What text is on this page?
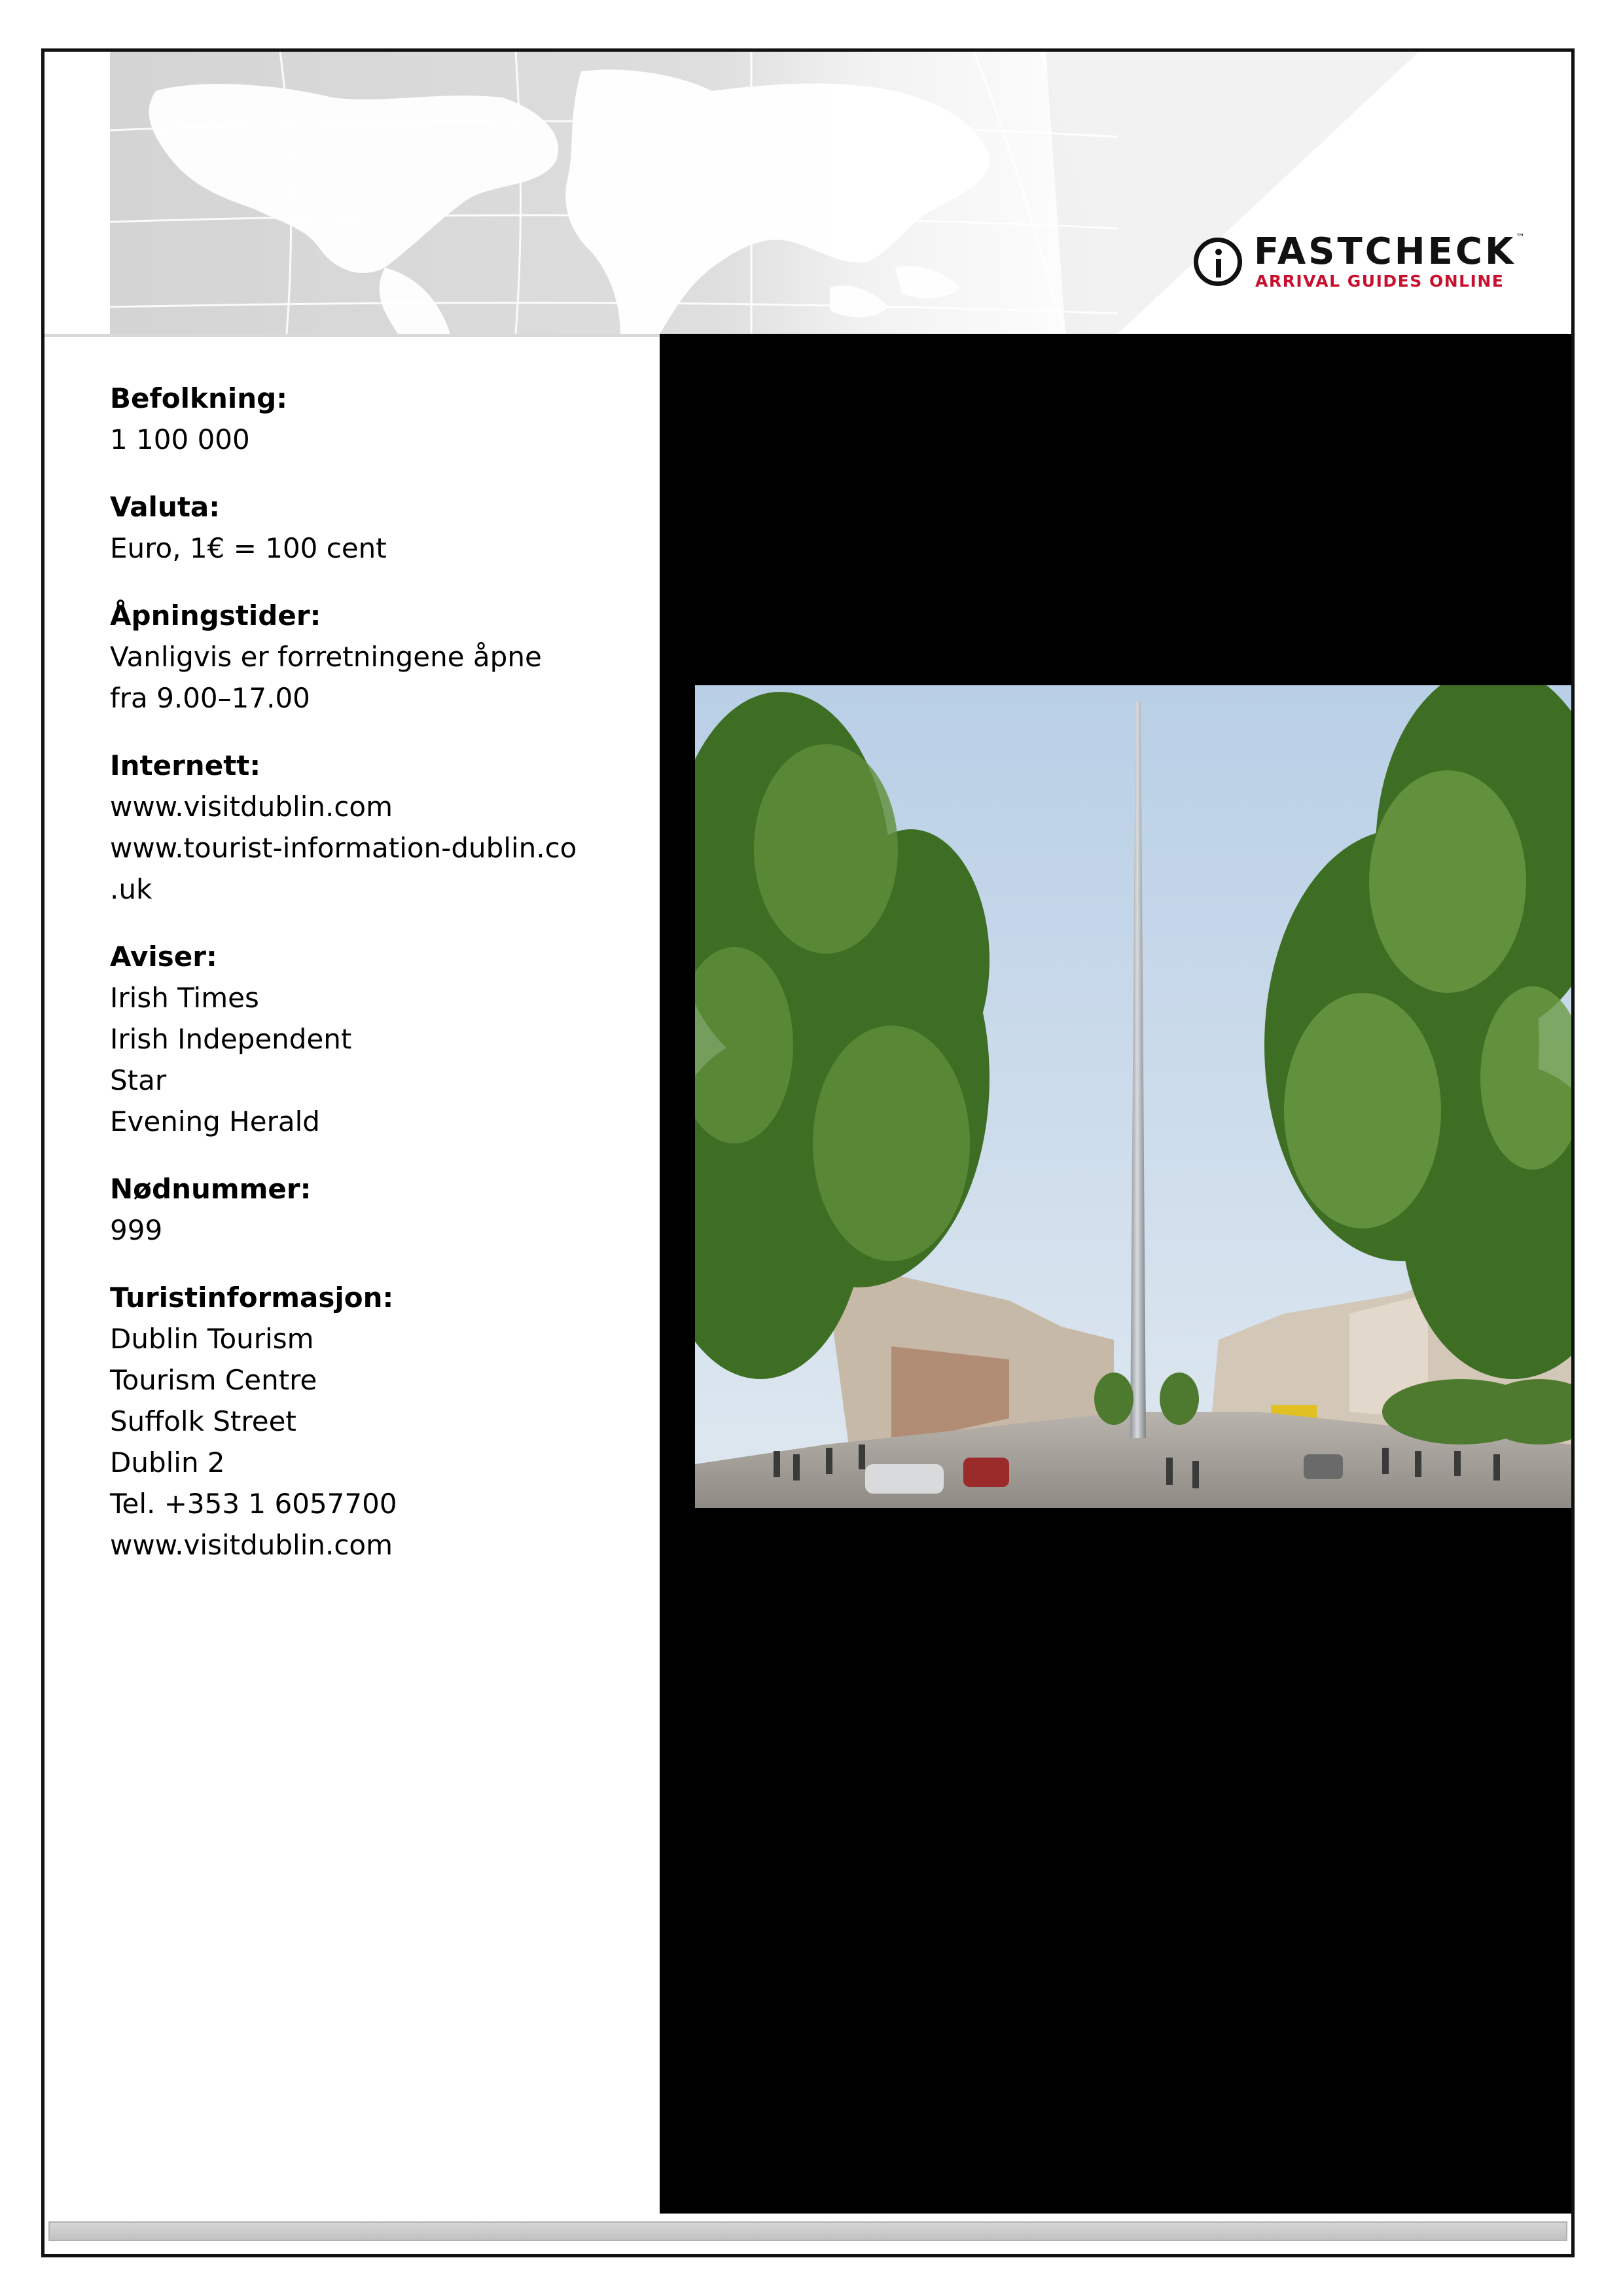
FASTCHECK ™
ARRIVAL GUIDES ONLINE
Befolkning:
1 100 000
Valuta:
Euro, 1€ = 100 cent
Åpningstider:
Vanligvis er forretningene åpne
fra 9.00–17.00
Internett:
www.visitdublin.com
www.tourist-information-dublin.co
.uk
Aviser:
Irish Times
Irish Independent
Star
Evening Herald
Nødnummer:
999
Turistinformasjon:
Dublin Tourism
Tourism Centre
Suffolk Street
Dublin 2
Tel. +353 1 6057700
www.visitdublin.com
